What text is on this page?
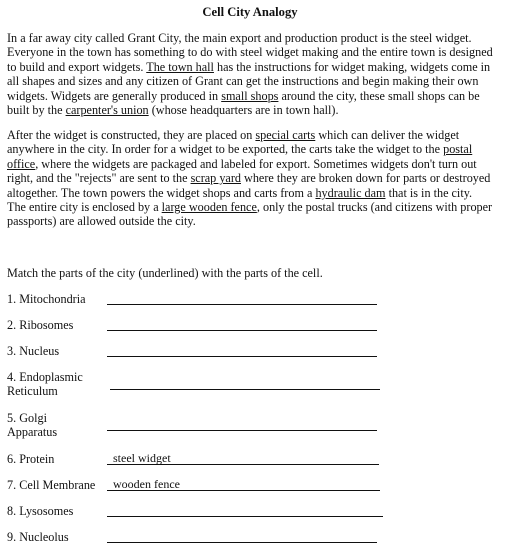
Cell City Analogy
In a far away city called Grant City, the main export and production product is the steel widget. Everyone in the town has something to do with steel widget making and the entire town is designed to build and export widgets. The town hall has the instructions for widget making, widgets come in all shapes and sizes and any citizen of Grant can get the instructions and begin making their own widgets. Widgets are generally produced in small shops around the city, these small shops can be built by the carpenter's union (whose headquarters are in town hall).
After the widget is constructed, they are placed on special carts which can deliver the widget anywhere in the city. In order for a widget to be exported, the carts take the widget to the postal office, where the widgets are packaged and labeled for export. Sometimes widgets don't turn out right, and the "rejects" are sent to the scrap yard where they are broken down for parts or destroyed altogether. The town powers the widget shops and carts from a hydraulic dam that is in the city. The entire city is enclosed by a large wooden fence, only the postal trucks (and citizens with proper passports) are allowed outside the city.
Match the parts of the city (underlined) with the parts of the cell.
1. Mitochondria
2. Ribosomes
3. Nucleus
4. Endoplasmic Reticulum
5. Golgi Apparatus
6. Protein	steel widget
7. Cell Membrane wooden fence
8. Lysosomes
9. Nucleolus
